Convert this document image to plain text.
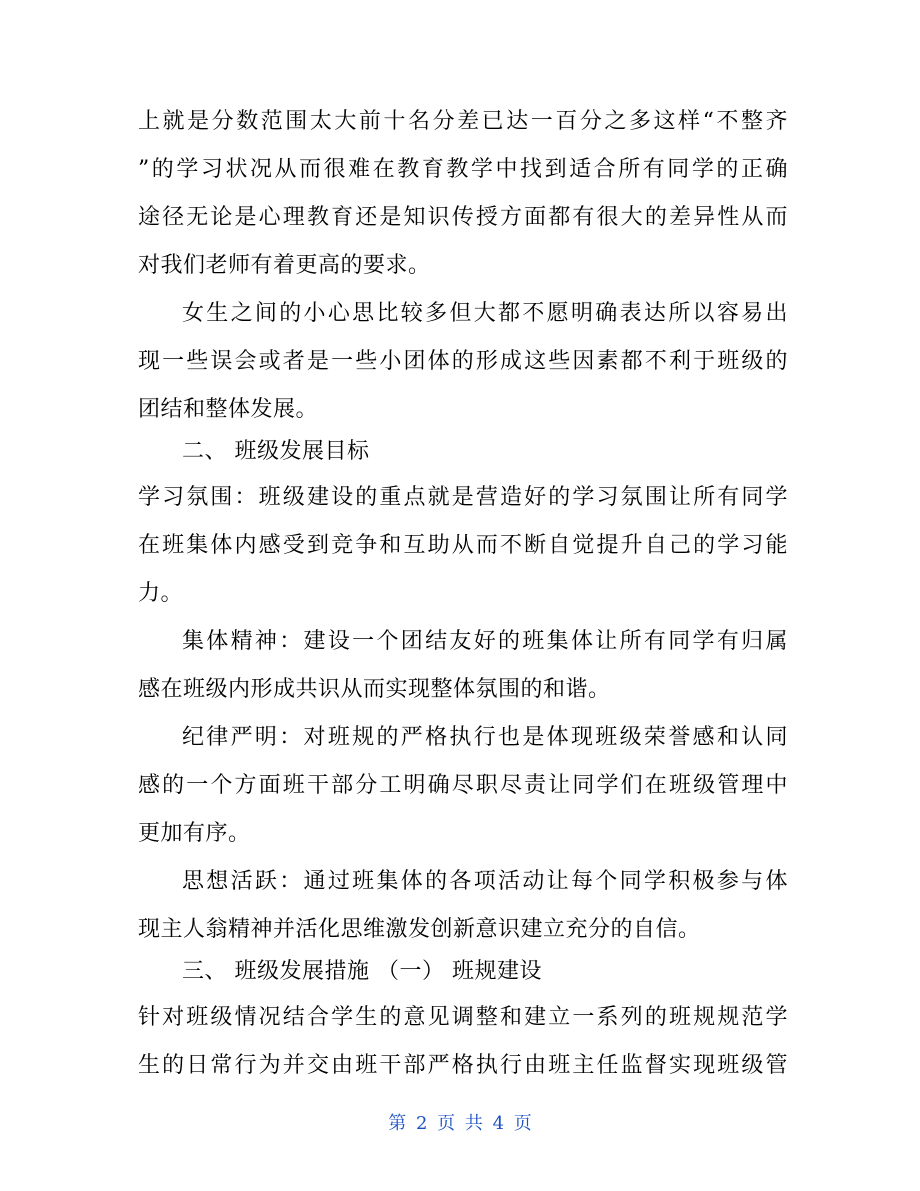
上就是分数范围太大前十名分差已达一百分之多这样“不整齐
”的学习状况从而很难在教育教学中找到适合所有同学的正确
途径无论是心理教育还是知识传授方面都有很大的差异性从而
对我们老师有着更高的要求。
女生之间的小心思比较多但大都不愿明确表达所以容易出
现一些误会或者是一些小团体的形成这些因素都不利于班级的
团结和整体发展。
二、 班级发展目标
学习氛围：班级建设的重点就是营造好的学习氛围让所有同学
在班集体内感受到竞争和互助从而不断自觉提升自己的学习能
力。
集体精神：建设一个团结友好的班集体让所有同学有归属
感在班级内形成共识从而实现整体氛围的和谐。
纪律严明：对班规的严格执行也是体现班级荣誉感和认同
感的一个方面班干部分工明确尽职尽责让同学们在班级管理中
更加有序。
思想活跃：通过班集体的各项活动让每个同学积极参与体
现主人翁精神并活化思维激发创新意识建立充分的自信。
三、 班级发展措施 （一） 班规建设
针对班级情况结合学生的意见调整和建立一系列的班规规范学
生的日常行为并交由班干部严格执行由班主任监督实现班级管
第 2 页 共 4 页
